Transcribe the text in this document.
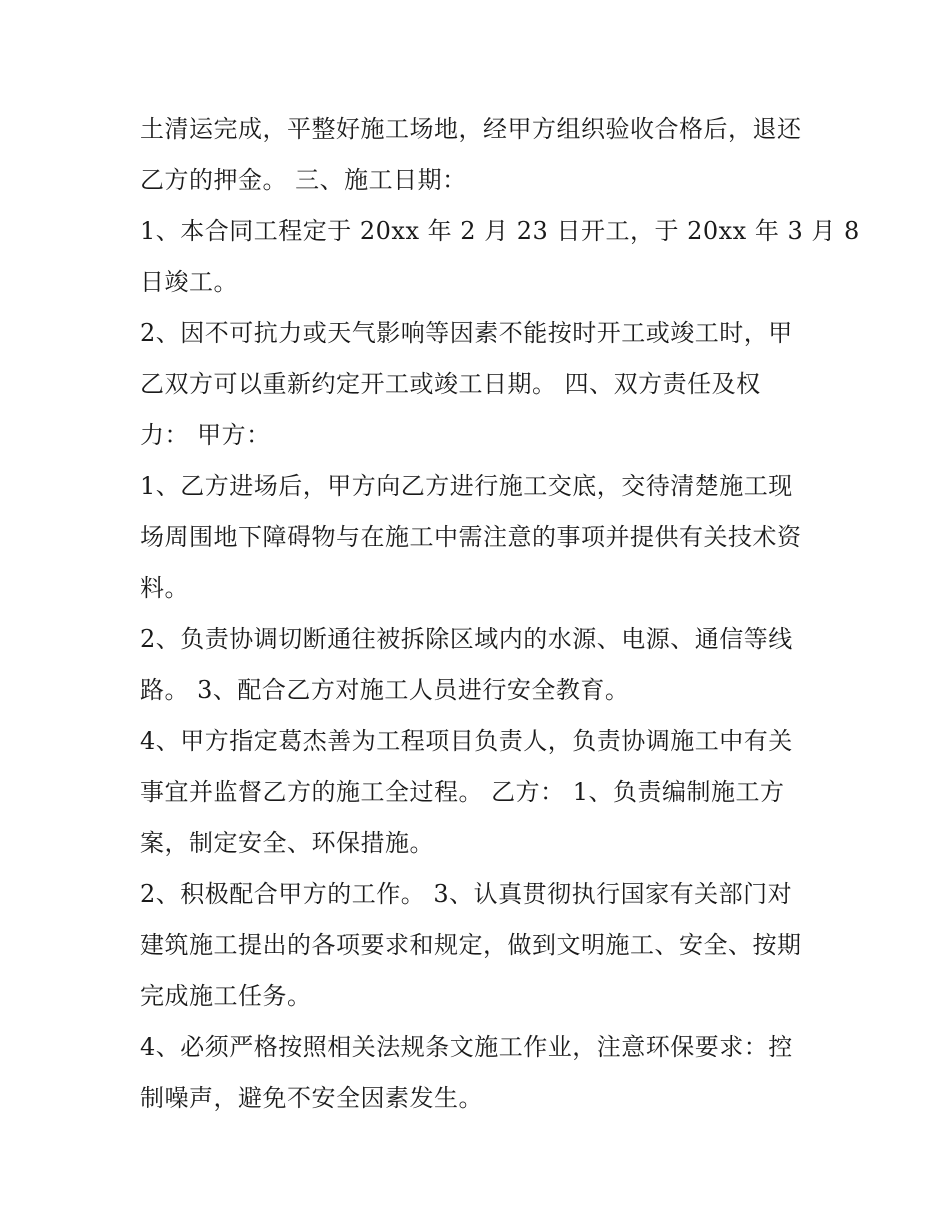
土清运完成，平整好施工场地，经甲方组织验收合格后，退还
乙方的押金。 三、施工日期：
1、本合同工程定于 20xx 年 2 月 23 日开工，于 20xx 年 3 月 8
日竣工。
2、因不可抗力或天气影响等因素不能按时开工或竣工时，甲
乙双方可以重新约定开工或竣工日期。 四、双方责任及权
力： 甲方：
1、乙方进场后，甲方向乙方进行施工交底，交待清楚施工现
场周围地下障碍物与在施工中需注意的事项并提供有关技术资
料。
2、负责协调切断通往被拆除区域内的水源、电源、通信等线
路。 3、配合乙方对施工人员进行安全教育。
4、甲方指定葛杰善为工程项目负责人，负责协调施工中有关
事宜并监督乙方的施工全过程。 乙方： 1、负责编制施工方
案，制定安全、环保措施。
2、积极配合甲方的工作。 3、认真贯彻执行国家有关部门对
建筑施工提出的各项要求和规定，做到文明施工、安全、按期
完成施工任务。
4、必须严格按照相关法规条文施工作业，注意环保要求：控
制噪声，避免不安全因素发生。
